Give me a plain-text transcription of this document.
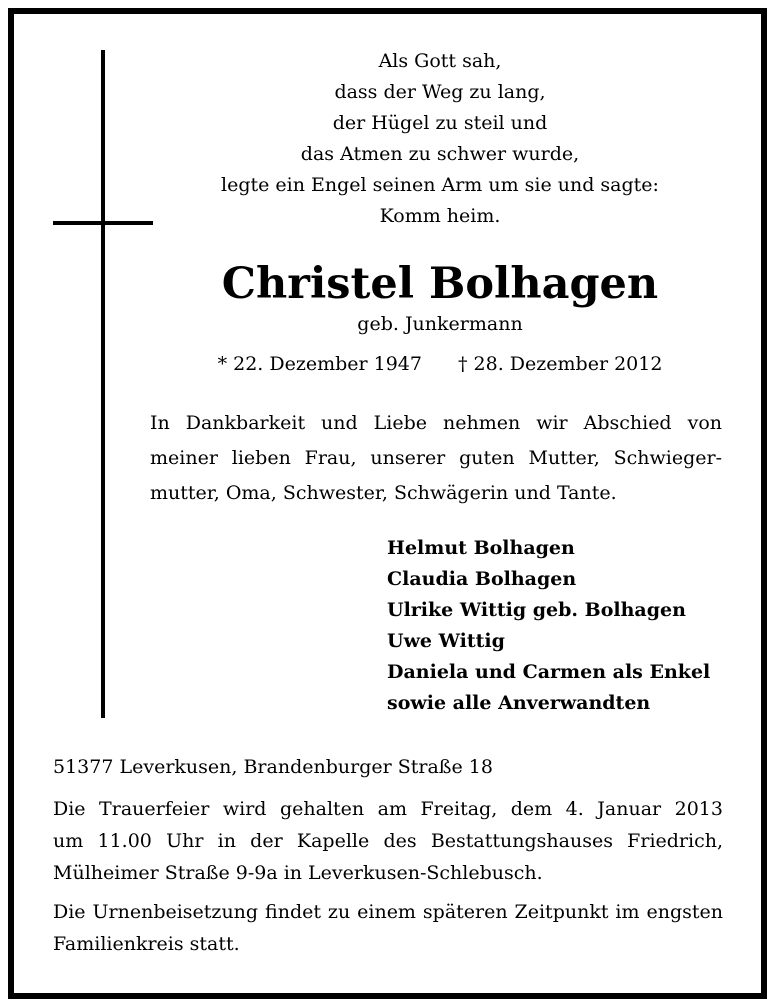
Als Gott sah,
dass der Weg zu lang,
der Hügel zu steil und
das Atmen zu schwer wurde,
legte ein Engel seinen Arm um sie und sagte:
Komm heim.
Christel Bolhagen
geb. Junkermann
* 22. Dezember 1947 † 28. Dezember 2012
In Dankbarkeit und Liebe nehmen wir Abschied von
meiner lieben Frau, unserer guten Mutter, Schwieger-
mutter, Oma, Schwester, Schwägerin und Tante.
Helmut Bolhagen
Claudia Bolhagen
Ulrike Wittig geb. Bolhagen
Uwe Wittig
Daniela und Carmen als Enkel
sowie alle Anverwandten
51377 Leverkusen, Brandenburger Straße 18
Die Trauerfeier wird gehalten am Freitag, dem 4. Januar 2013
um 11.00 Uhr in der Kapelle des Bestattungshauses Friedrich,
Mülheimer Straße 9-9a in Leverkusen-Schlebusch.
Die Urnenbeisetzung findet zu einem späteren Zeitpunkt im engsten
Familienkreis statt.
